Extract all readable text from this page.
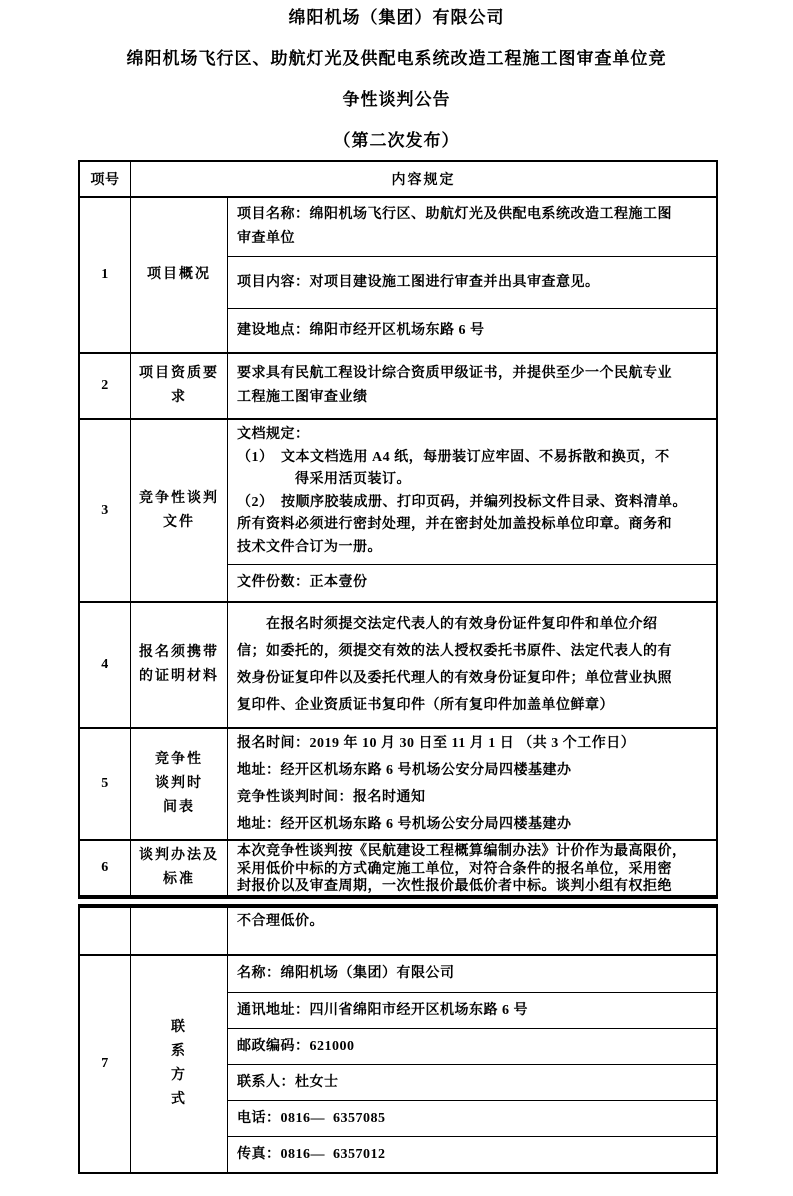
绵阳机场（集团）有限公司
绵阳机场飞行区、助航灯光及供配电系统改造工程施工图审查单位竞
争性谈判公告
（第二次发布）
项号	内容规定
1	项目概况
项目名称：绵阳机场飞行区、助航灯光及供配电系统改造工程施工图
审查单位
项目内容：对项目建设施工图进行审查并出具审查意见。
建设地点：绵阳市经开区机场东路 6 号
2
项目资质要
求
要求具有民航工程设计综合资质甲级证书，并提供至少一个民航专业
工程施工图审查业绩
3
竞争性谈判
文件
文档规定：
（1）　文本文档选用 A4 纸，每册装订应牢固、不易拆散和换页，不
　　　　得采用活页装订。
（2）　按顺序胶装成册、打印页码，并编列投标文件目录、资料清单。
所有资料必须进行密封处理，并在密封处加盖投标单位印章。商务和
技术文件合订为一册。
文件份数：正本壹份
4
报名须携带
的证明材料
　　在报名时须提交法定代表人的有效身份证件复印件和单位介绍
信；如委托的，须提交有效的法人授权委托书原件、法定代表人的有
效身份证复印件以及委托代理人的有效身份证复印件；单位营业执照
复印件、企业资质证书复印件（所有复印件加盖单位鲜章）
5
竞争性
谈判时
间表
报名时间：2019 年 10 月 30 日至 11 月 1 日 （共 3 个工作日）
地址：经开区机场东路 6 号机场公安分局四楼基建办
竞争性谈判时间：报名时通知
地址：经开区机场东路 6 号机场公安分局四楼基建办
6
谈判办法及
标准
本次竞争性谈判按《民航建设工程概算编制办法》计价作为最高限价，
采用低价中标的方式确定施工单位，对符合条件的报名单位，采用密
封报价以及审查周期，一次性报价最低价者中标。谈判小组有权拒绝
不合理低价。
7
联
系
方
式
名称：绵阳机场（集团）有限公司
通讯地址：四川省绵阳市经开区机场东路 6 号
邮政编码：621000
联系人：杜女士
电话：0816—  6357085
传真：0816—  6357012
